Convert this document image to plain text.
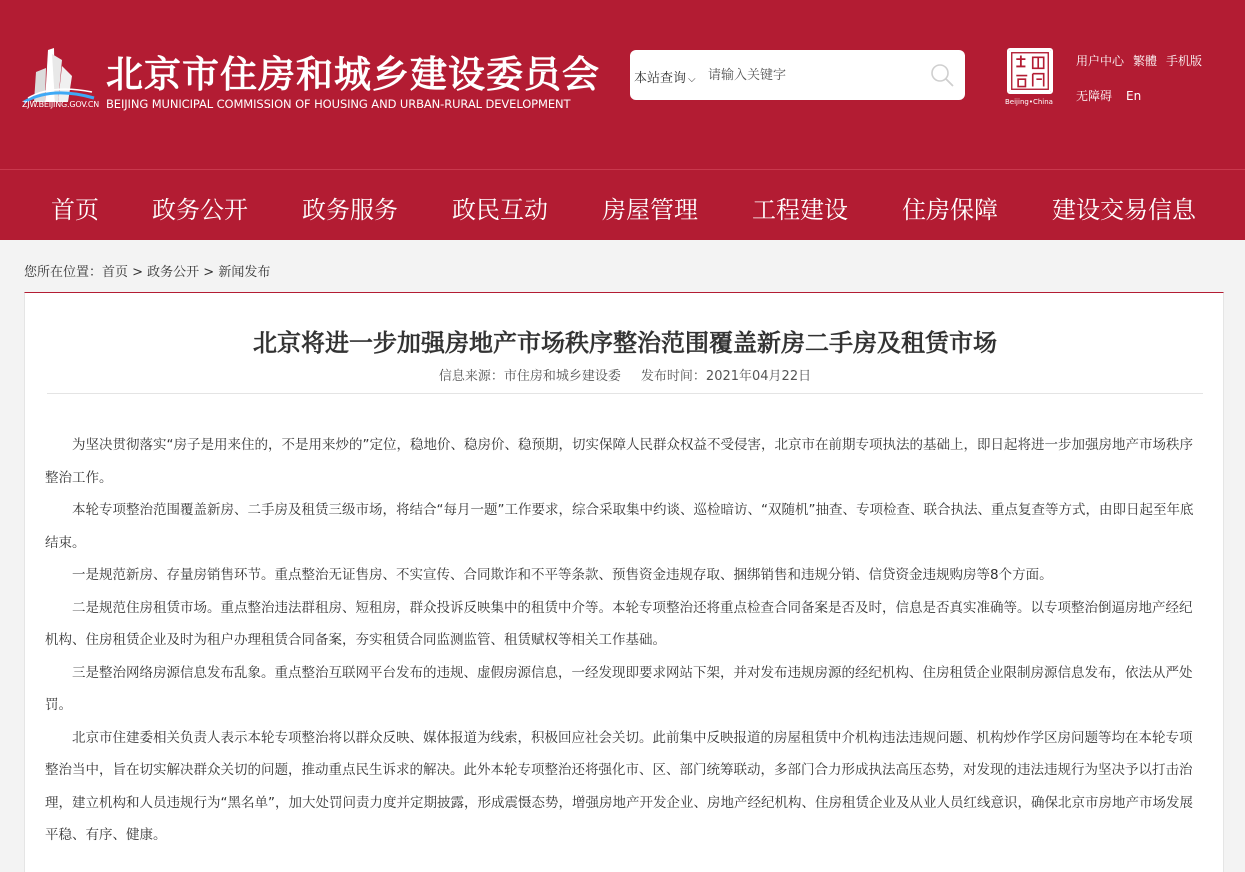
ZJW.BEIJING.GOV.CN
北京市住房和城乡建设委员会
BEIJING MUNICIPAL COMMISSION OF HOUSING AND URBAN-RURAL DEVELOPMENT
本站查询 ⌵
请输入关键字
Beijing•China
用户中心 繁體 手机版
无障碍 En
首页 政务公开 政务服务 政民互动 房屋管理 工程建设 住房保障 建设交易信息
您所在位置：首页 > 政务公开 > 新闻发布
北京将进一步加强房地产市场秩序整治范围覆盖新房二手房及租赁市场
信息来源：市住房和城乡建设委 发布时间：2021年04月22日

为坚决贯彻落实“房子是用来住的，不是用来炒的”定位，稳地价、稳房价、稳预期，切实保障人民群众权益不受侵害，北京市在前期专项执法的基础上，即日起将进一步加强房地产市场秩序整治工作。

本轮专项整治范围覆盖新房、二手房及租赁三级市场，将结合“每月一题”工作要求，综合采取集中约谈、巡检暗访、“双随机”抽查、专项检查、联合执法、重点复查等方式，由即日起至年底结束。

一是规范新房、存量房销售环节。重点整治无证售房、不实宣传、合同欺诈和不平等条款、预售资金违规存取、捆绑销售和违规分销、信贷资金违规购房等8个方面。

二是规范住房租赁市场。重点整治违法群租房、短租房，群众投诉反映集中的租赁中介等。本轮专项整治还将重点检查合同备案是否及时，信息是否真实准确等。以专项整治倒逼房地产经纪机构、住房租赁企业及时为租户办理租赁合同备案，夯实租赁合同监测监管、租赁赋权等相关工作基础。

三是整治网络房源信息发布乱象。重点整治互联网平台发布的违规、虚假房源信息，一经发现即要求网站下架，并对发布违规房源的经纪机构、住房租赁企业限制房源信息发布，依法从严处罚。

北京市住建委相关负责人表示本轮专项整治将以群众反映、媒体报道为线索，积极回应社会关切。此前集中反映报道的房屋租赁中介机构违法违规问题、机构炒作学区房问题等均在本轮专项整治当中，旨在切实解决群众关切的问题，推动重点民生诉求的解决。此外本轮专项整治还将强化市、区、部门统筹联动，多部门合力形成执法高压态势，对发现的违法违规行为坚决予以打击治理，建立机构和人员违规行为“黑名单”，加大处罚问责力度并定期披露，形成震慑态势，增强房地产开发企业、房地产经纪机构、住房租赁企业及从业人员红线意识，确保北京市房地产市场发展平稳、有序、健康。
